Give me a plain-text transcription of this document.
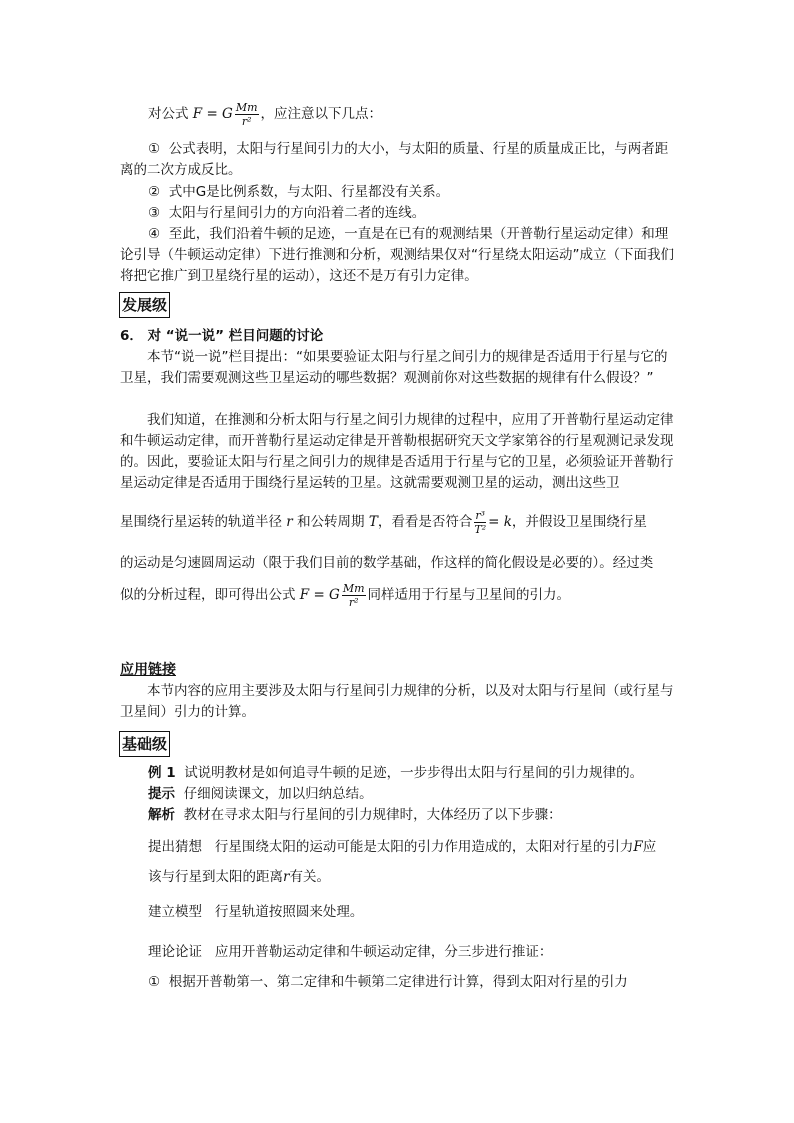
对公式 F = G $\frac{Mm}{\text{r²}}$ ，应注意以下几点：
① 公式表明，太阳与行星间引力的大小，与太阳的质量、行星的质量成正比，与两者距离的二次方成反比。
② 式中G是比例系数，与太阳、行星都没有关系。
③ 太阳与行星间引力的方向沿着二者的连线。
④ 至此，我们沿着牛顿的足迹，一直是在已有的观测结果（开普勒行星运动定律）和理论引导（牛顿运动定律）下进行推测和分析，观测结果仅对“行星绕太阳运动”成立（下面我们将把它推广到卫星绕行星的运动），这还不是万有引力定律。
发展级
6． 对 “说一说” 栏目问题的讨论
本节“说一说”栏目提出：“如果要验证太阳与行星之间引力的规律是否适用于行星与它的卫星，我们需要观测这些卫星运动的哪些数据？观测前你对这些数据的规律有什么假设？”
我们知道，在推测和分析太阳与行星之间引力规律的过程中，应用了开普勒行星运动定律和牛顿运动定律，而开普勒行星运动定律是开普勒根据研究天文学家第谷的行星观测记录发现的。因此，要验证太阳与行星之间引力的规律是否适用于行星与它的卫星，必须验证开普勒行星运动定律是否适用于围绕行星运转的卫星。这就需要观测卫星的运动，测出这些卫
星围绕行星运转的轨道半径 r 和公转周期 T，看看是否符合 $\frac{\text{r³}}{\text{T²}} = k$，并假设卫星围绕行星
的运动是匀速圆周运动（限于我们目前的数学基础，作这样的简化假设是必要的）。经过类
似的分析过程，即可得出公式 F = G $\frac{Mm}{\text{r²}}$ 同样适用于行星与卫星间的引力。
应用链接
本节内容的应用主要涉及太阳与行星间引力规律的分析，以及对太阳与行星间（或行星与卫星间）引力的计算。
基础级
例 1 试说明教材是如何追寻牛顿的足迹，一步步得出太阳与行星间的引力规律的。
提示 仔细阅读课文，加以归纳总结。
解析 教材在寻求太阳与行星间的引力规律时，大体经历了以下步骤：
提出猜想 行星围绕太阳的运动可能是太阳的引力作用造成的，太阳对行星的引力F应
该与行星到太阳的距离r有关。
建立模型 行星轨道按照圆来处理。
理论论证 应用开普勒运动定律和牛顿运动定律，分三步进行推证：
① 根据开普勒第一、第二定律和牛顿第二定律进行计算，得到太阳对行星的引力
